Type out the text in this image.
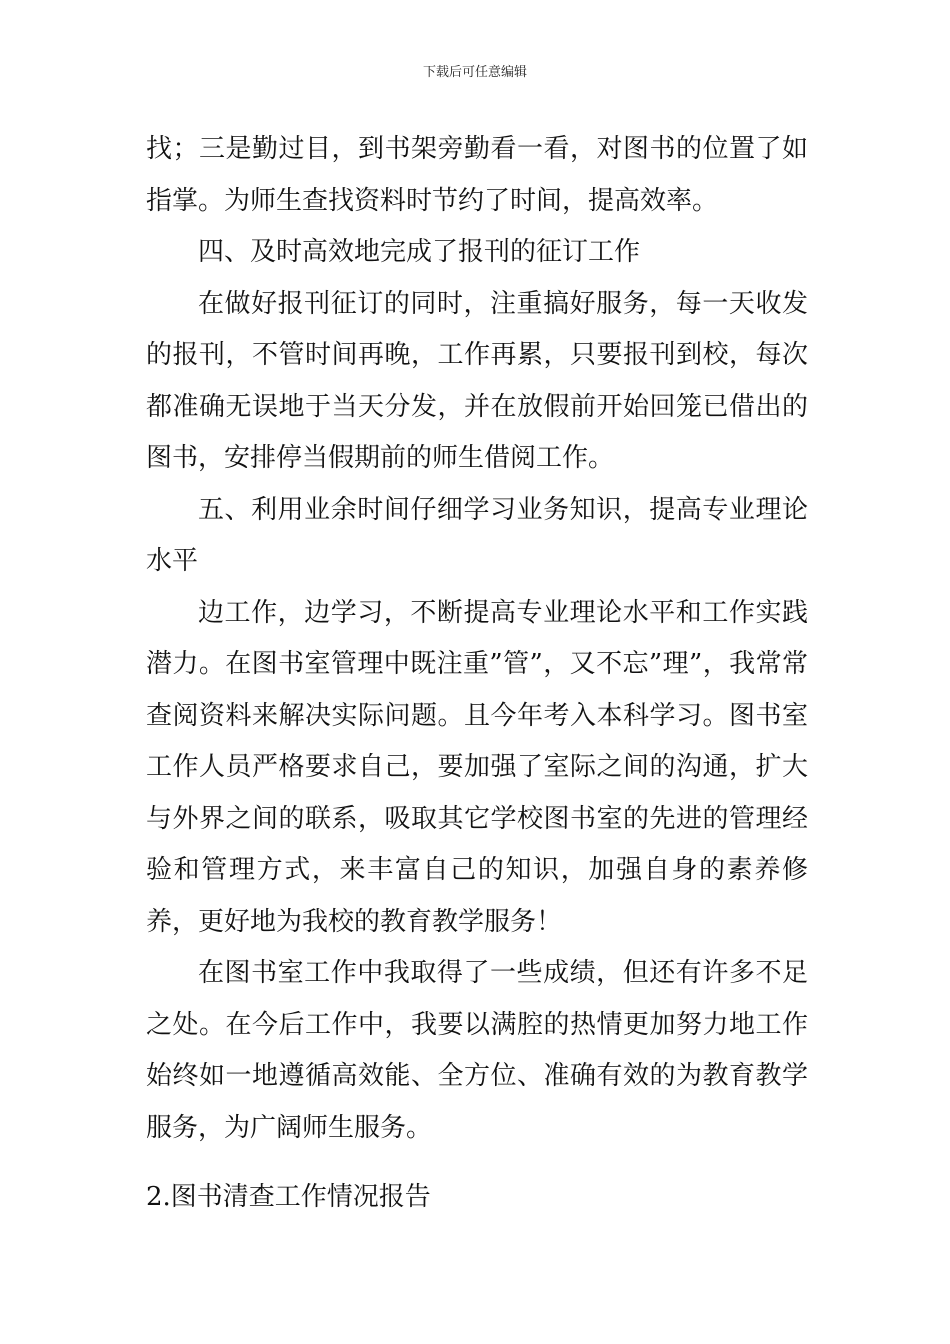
下载后可任意编辑

找；三是勤过目，到书架旁勤看一看，对图书的位置了如指掌。为师生查找资料时节约了时间，提高效率。

四、及时高效地完成了报刊的征订工作

在做好报刊征订的同时，注重搞好服务，每一天收发的报刊，不管时间再晚，工作再累，只要报刊到校，每次都准确无误地于当天分发，并在放假前开始回笼已借出的图书，安排停当假期前的师生借阅工作。

五、利用业余时间仔细学习业务知识，提高专业理论水平

边工作，边学习，不断提高专业理论水平和工作实践潜力。在图书室管理中既注重”管”，又不忘”理”，我常常查阅资料来解决实际问题。且今年考入本科学习。图书室工作人员严格要求自己，要加强了室际之间的沟通，扩大与外界之间的联系，吸取其它学校图书室的先进的管理经验和管理方式，来丰富自己的知识，加强自身的素养修养，更好地为我校的教育教学服务！

在图书室工作中我取得了一些成绩，但还有许多不足之处。在今后工作中，我要以满腔的热情更加努力地工作始终如一地遵循高效能、全方位、准确有效的为教育教学服务，为广阔师生服务。

2.图书清查工作情况报告
